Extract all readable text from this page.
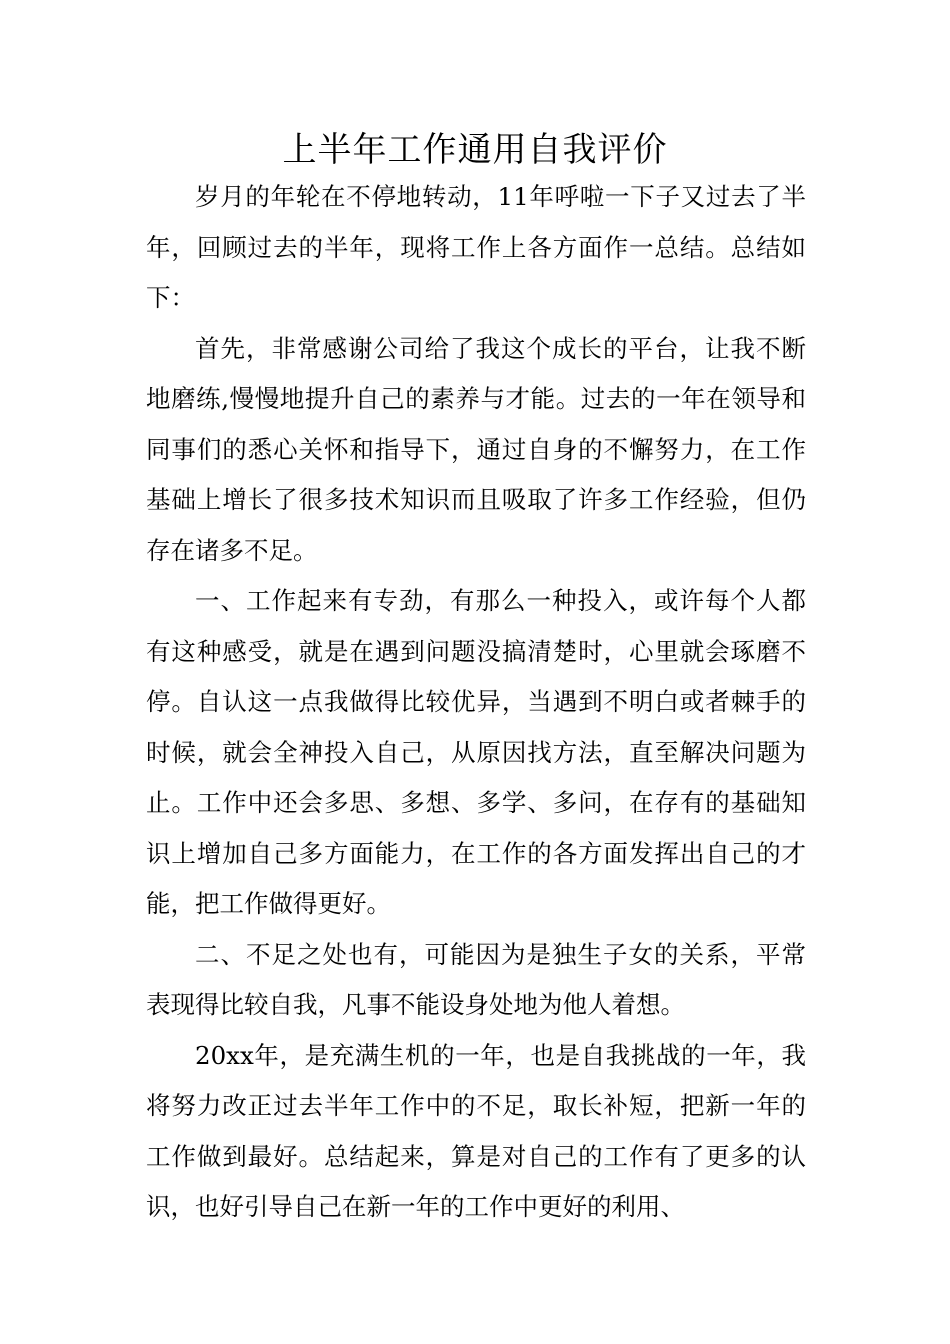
上半年工作通用自我评价

岁月的年轮在不停地转动，11年呼啦一下子又过去了半年，回顾过去的半年，现将工作上各方面作一总结。总结如下：

首先，非常感谢公司给了我这个成长的平台，让我不断地磨练,慢慢地提升自己的素养与才能。过去的一年在领导和同事们的悉心关怀和指导下，通过自身的不懈努力，在工作基础上增长了很多技术知识而且吸取了许多工作经验，但仍存在诸多不足。

一、工作起来有专劲，有那么一种投入，或许每个人都有这种感受，就是在遇到问题没搞清楚时，心里就会琢磨不停。自认这一点我做得比较优异，当遇到不明白或者棘手的时候，就会全神投入自己，从原因找方法，直至解决问题为止。工作中还会多思、多想、多学、多问，在存有的基础知识上增加自己多方面能力，在工作的各方面发挥出自己的才能，把工作做得更好。

二、不足之处也有，可能因为是独生子女的关系，平常表现得比较自我，凡事不能设身处地为他人着想。

20xx年，是充满生机的一年，也是自我挑战的一年，我将努力改正过去半年工作中的不足，取长补短，把新一年的工作做到最好。总结起来，算是对自己的工作有了更多的认识，也好引导自己在新一年的工作中更好的利用、
